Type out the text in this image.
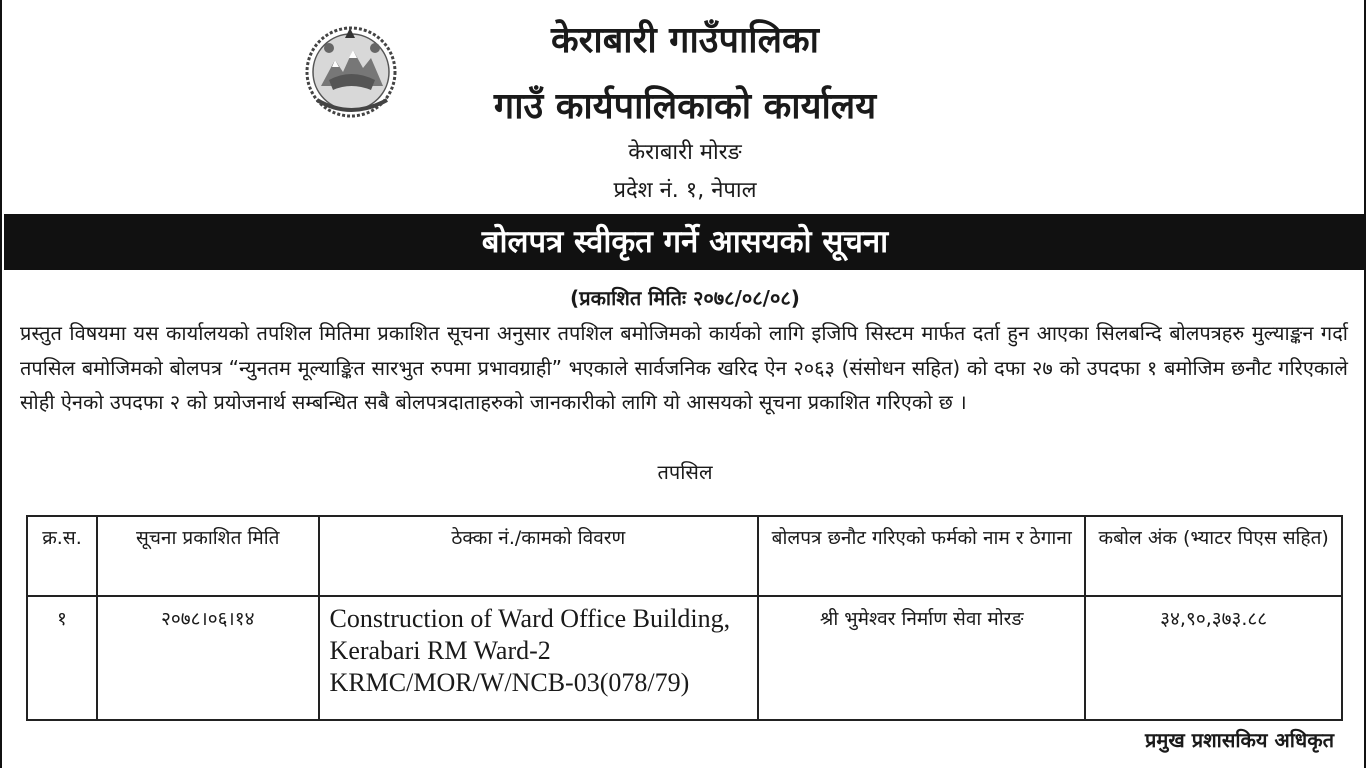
केराबारी गाउँपालिका
गाउँ कार्यपालिकाको कार्यालय
केराबारी मोरङ
प्रदेश नं. १, नेपाल
बोलपत्र स्वीकृत गर्ने आसयको सूचना
(प्रकाशित मितिः २०७८/०८/०८)
प्रस्तुत विषयमा यस कार्यालयको तपशिल मितिमा प्रकाशित सूचना अनुसार तपशिल बमोजिमको कार्यको लागि इजिपि सिस्टम मार्फत दर्ता हुन आएका सिलबन्दि बोलपत्रहरु मुल्याङ्कन गर्दा तपसिल बमोजिमको बोलपत्र “न्युनतम मूल्याङ्कित सारभुत रुपमा प्रभावग्राही” भएकाले सार्वजनिक खरिद ऐन २०६३ (संसोधन सहित) को दफा २७ को उपदफा १ बमोजिम छनौट गरिएकाले सोही ऐनको उपदफा २ को प्रयोजनार्थ सम्बन्धित सबै बोलपत्रदाताहरुको जानकारीको लागि यो आसयको सूचना प्रकाशित गरिएको छ ।
तपसिल
क्र.स.	सूचना प्रकाशित मिति	ठेक्का नं./कामको विवरण	बोलपत्र छनौट गरिएको फर्मको नाम र ठेगाना	कबोल अंक (भ्याटर पिएस सहित)
१	२०७८।०६।१४	Construction of Ward Office Building, Kerabari RM Ward-2 KRMC/MOR/W/NCB-03(078/79)	श्री भुमेश्वर निर्माण सेवा मोरङ	३४,९०,३७३.८८
प्रमुख प्रशासकिय अधिकृत
